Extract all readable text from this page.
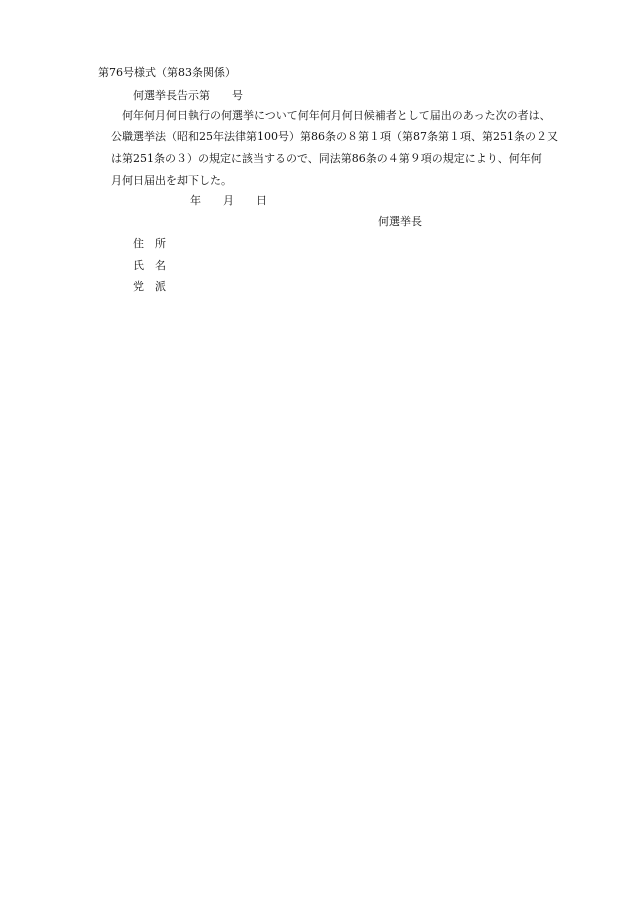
第76号様式（第83条関係）
何選挙長告示第　　号
何年何月何日執行の何選挙について何年何月何日候補者として届出のあった次の者は、
公職選挙法（昭和25年法律第100号）第86条の８第１項（第87条第１項、第251条の２又
は第251条の３）の規定に該当するので、同法第86条の４第９項の規定により、何年何
月何日届出を却下した。
年　　月　　日
何選挙長
住　所
氏　名
党　派
